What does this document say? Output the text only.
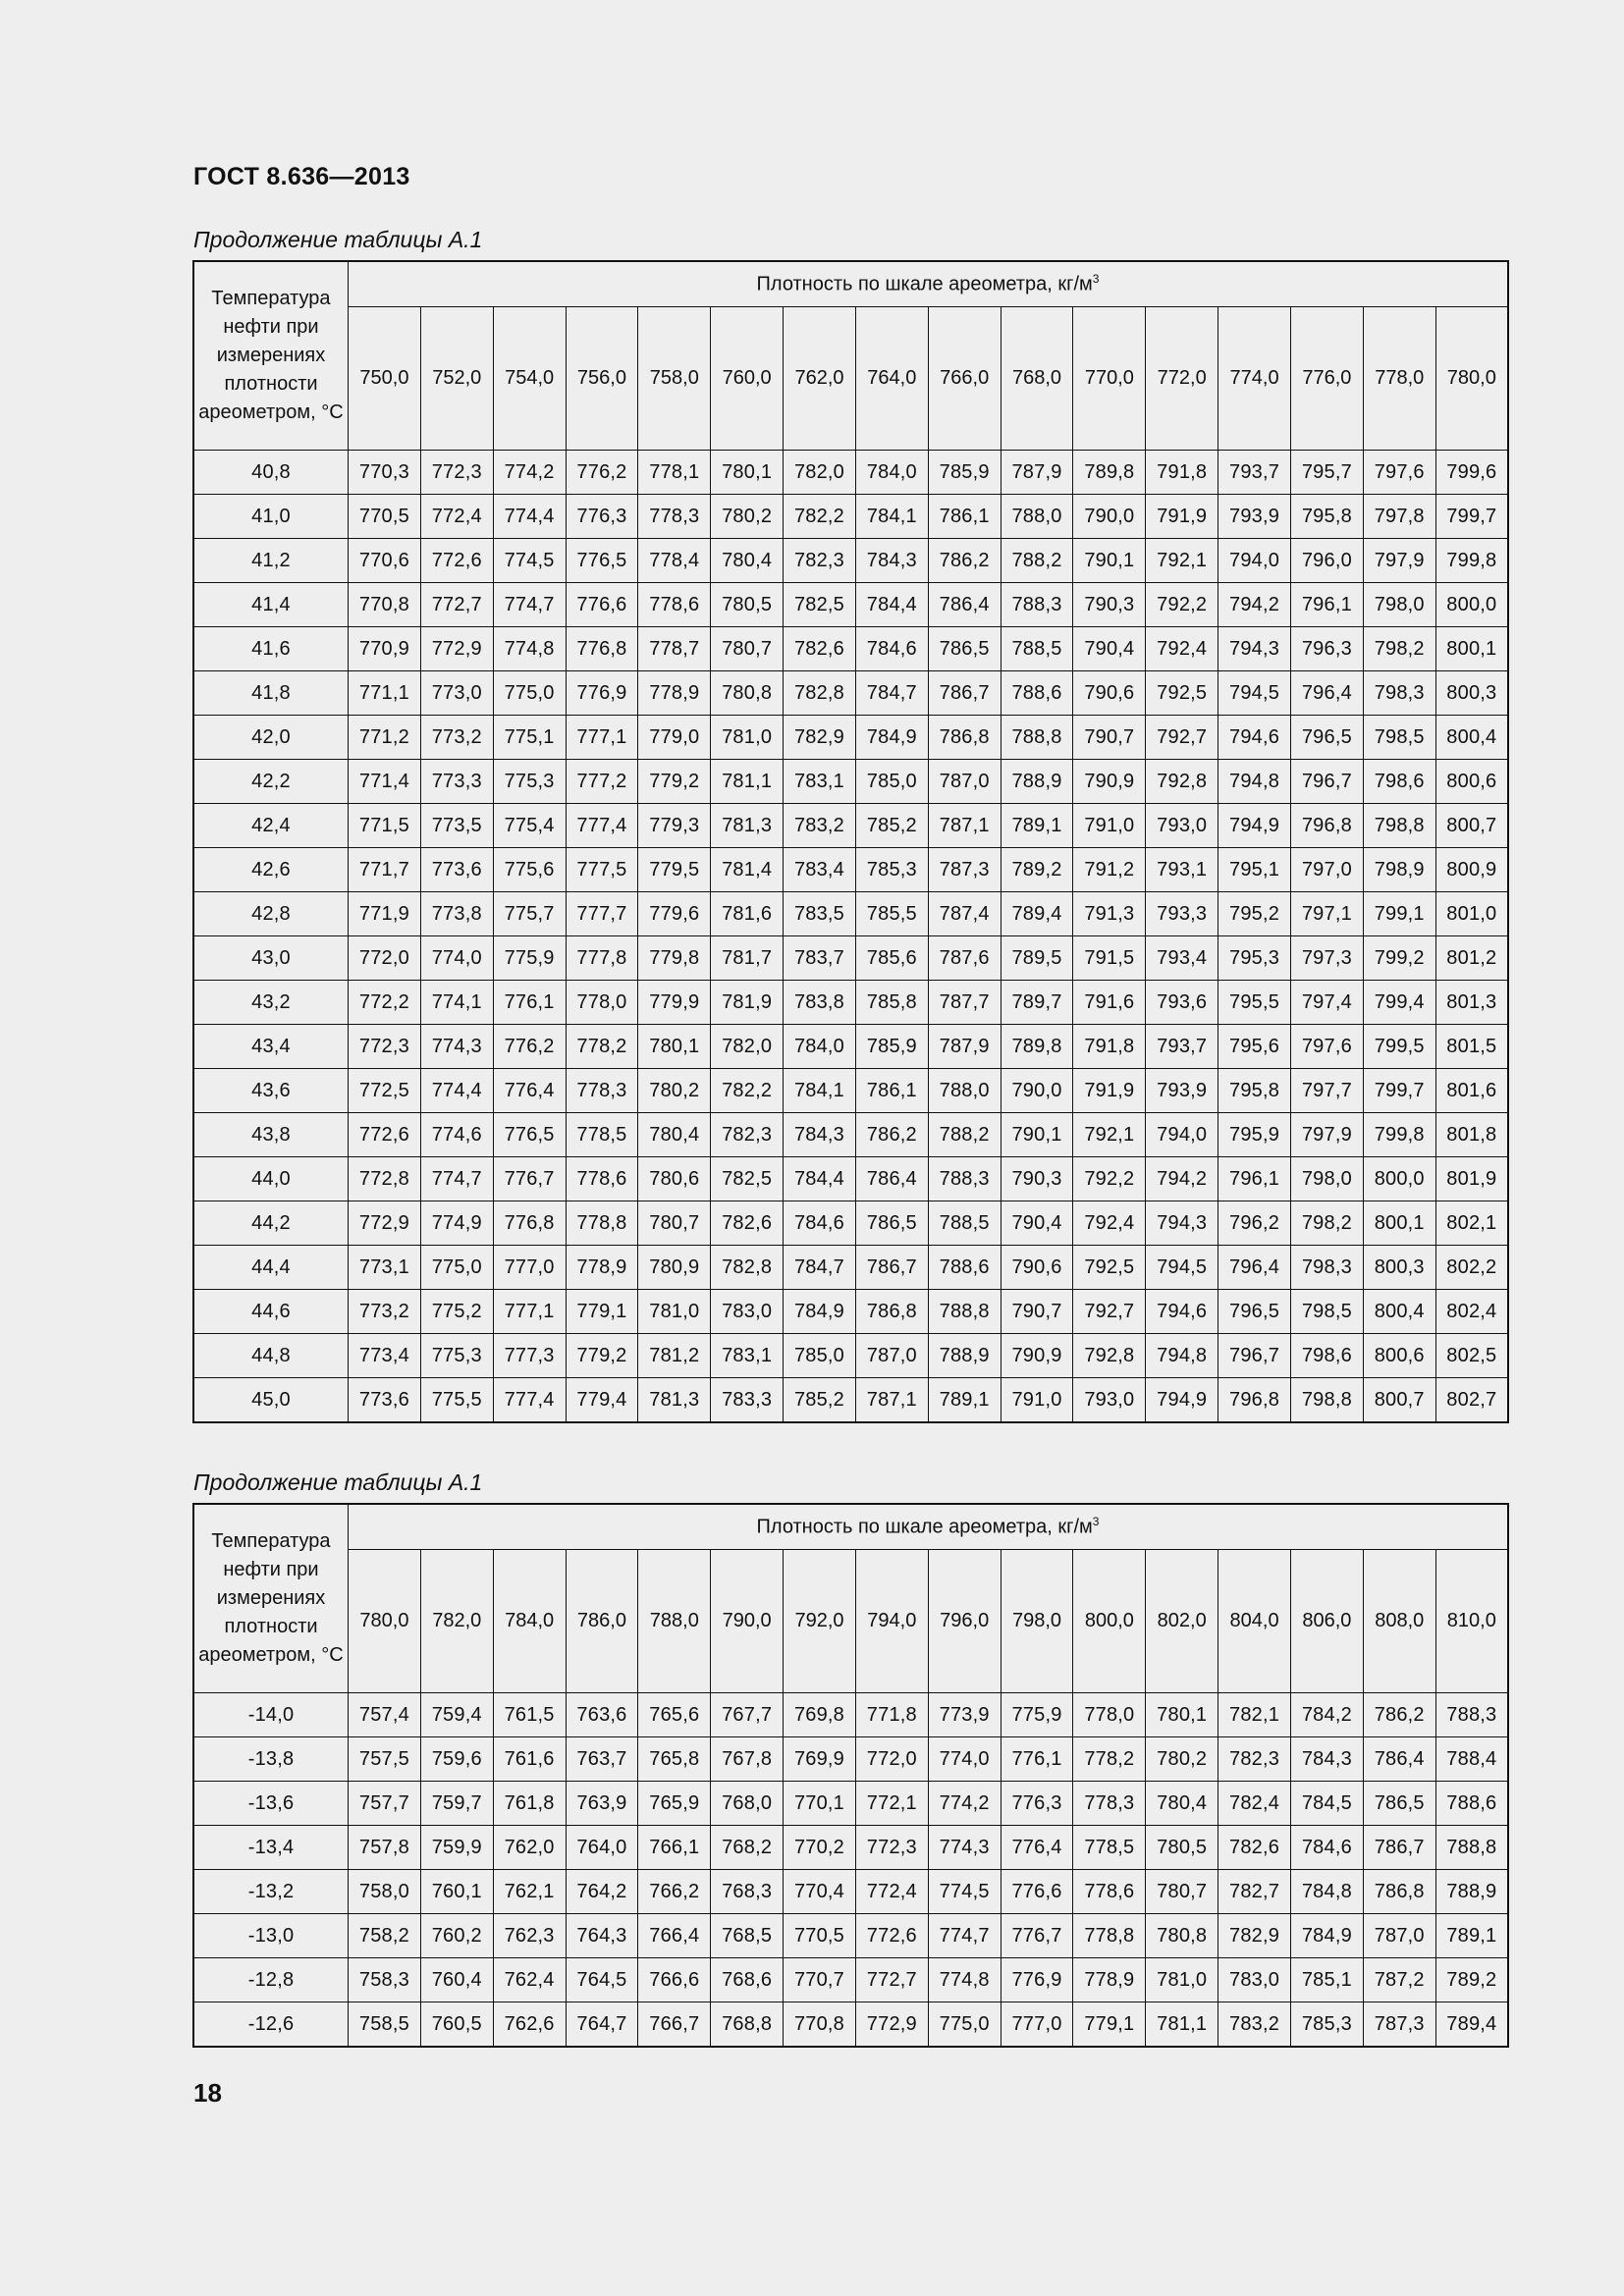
ГОСТ 8.636—2013
Продолжение таблицы А.1
Температура нефти при измерениях плотности ареометром, °С	Плотность по шкале ареометра, $кг/м^3$
	750,0	752,0	754,0	756,0	758,0	760,0	762,0	764,0	766,0	768,0	770,0	772,0	774,0	776,0	778,0	780,0
40,8	770,3	772,3	774,2	776,2	778,1	780,1	782,0	784,0	785,9	787,9	789,8	791,8	793,7	795,7	797,6	799,6
41,0	770,5	772,4	774,4	776,3	778,3	780,2	782,2	784,1	786,1	788,0	790,0	791,9	793,9	795,8	797,8	799,7
41,2	770,6	772,6	774,5	776,5	778,4	780,4	782,3	784,3	786,2	788,2	790,1	792,1	794,0	796,0	797,9	799,8
41,4	770,8	772,7	774,7	776,6	778,6	780,5	782,5	784,4	786,4	788,3	790,3	792,2	794,2	796,1	798,0	800,0
41,6	770,9	772,9	774,8	776,8	778,7	780,7	782,6	784,6	786,5	788,5	790,4	792,4	794,3	796,3	798,2	800,1
41,8	771,1	773,0	775,0	776,9	778,9	780,8	782,8	784,7	786,7	788,6	790,6	792,5	794,5	796,4	798,3	800,3
42,0	771,2	773,2	775,1	777,1	779,0	781,0	782,9	784,9	786,8	788,8	790,7	792,7	794,6	796,5	798,5	800,4
42,2	771,4	773,3	775,3	777,2	779,2	781,1	783,1	785,0	787,0	788,9	790,9	792,8	794,8	796,7	798,6	800,6
42,4	771,5	773,5	775,4	777,4	779,3	781,3	783,2	785,2	787,1	789,1	791,0	793,0	794,9	796,8	798,8	800,7
42,6	771,7	773,6	775,6	777,5	779,5	781,4	783,4	785,3	787,3	789,2	791,2	793,1	795,1	797,0	798,9	800,9
42,8	771,9	773,8	775,7	777,7	779,6	781,6	783,5	785,5	787,4	789,4	791,3	793,3	795,2	797,1	799,1	801,0
43,0	772,0	774,0	775,9	777,8	779,8	781,7	783,7	785,6	787,6	789,5	791,5	793,4	795,3	797,3	799,2	801,2
43,2	772,2	774,1	776,1	778,0	779,9	781,9	783,8	785,8	787,7	789,7	791,6	793,6	795,5	797,4	799,4	801,3
43,4	772,3	774,3	776,2	778,2	780,1	782,0	784,0	785,9	787,9	789,8	791,8	793,7	795,6	797,6	799,5	801,5
43,6	772,5	774,4	776,4	778,3	780,2	782,2	784,1	786,1	788,0	790,0	791,9	793,9	795,8	797,7	799,7	801,6
43,8	772,6	774,6	776,5	778,5	780,4	782,3	784,3	786,2	788,2	790,1	792,1	794,0	795,9	797,9	799,8	801,8
44,0	772,8	774,7	776,7	778,6	780,6	782,5	784,4	786,4	788,3	790,3	792,2	794,2	796,1	798,0	800,0	801,9
44,2	772,9	774,9	776,8	778,8	780,7	782,6	784,6	786,5	788,5	790,4	792,4	794,3	796,2	798,2	800,1	802,1
44,4	773,1	775,0	777,0	778,9	780,9	782,8	784,7	786,7	788,6	790,6	792,5	794,5	796,4	798,3	800,3	802,2
44,6	773,2	775,2	777,1	779,1	781,0	783,0	784,9	786,8	788,8	790,7	792,7	794,6	796,5	798,5	800,4	802,4
44,8	773,4	775,3	777,3	779,2	781,2	783,1	785,0	787,0	788,9	790,9	792,8	794,8	796,7	798,6	800,6	802,5
45,0	773,6	775,5	777,4	779,4	781,3	783,3	785,2	787,1	789,1	791,0	793,0	794,9	796,8	798,8	800,7	802,7
Продолжение таблицы А.1
Температура нефти при измерениях плотности ареометром, °С	Плотность по шкале ареометра, $кг/м^3$
	780,0	782,0	784,0	786,0	788,0	790,0	792,0	794,0	796,0	798,0	800,0	802,0	804,0	806,0	808,0	810,0
-14,0	757,4	759,4	761,5	763,6	765,6	767,7	769,8	771,8	773,9	775,9	778,0	780,1	782,1	784,2	786,2	788,3
-13,8	757,5	759,6	761,6	763,7	765,8	767,8	769,9	772,0	774,0	776,1	778,2	780,2	782,3	784,3	786,4	788,4
-13,6	757,7	759,7	761,8	763,9	765,9	768,0	770,1	772,1	774,2	776,3	778,3	780,4	782,4	784,5	786,5	788,6
-13,4	757,8	759,9	762,0	764,0	766,1	768,2	770,2	772,3	774,3	776,4	778,5	780,5	782,6	784,6	786,7	788,8
-13,2	758,0	760,1	762,1	764,2	766,2	768,3	770,4	772,4	774,5	776,6	778,6	780,7	782,7	784,8	786,8	788,9
-13,0	758,2	760,2	762,3	764,3	766,4	768,5	770,5	772,6	774,7	776,7	778,8	780,8	782,9	784,9	787,0	789,1
-12,8	758,3	760,4	762,4	764,5	766,6	768,6	770,7	772,7	774,8	776,9	778,9	781,0	783,0	785,1	787,2	789,2
-12,6	758,5	760,5	762,6	764,7	766,7	768,8	770,8	772,9	775,0	777,0	779,1	781,1	783,2	785,3	787,3	789,4
18
